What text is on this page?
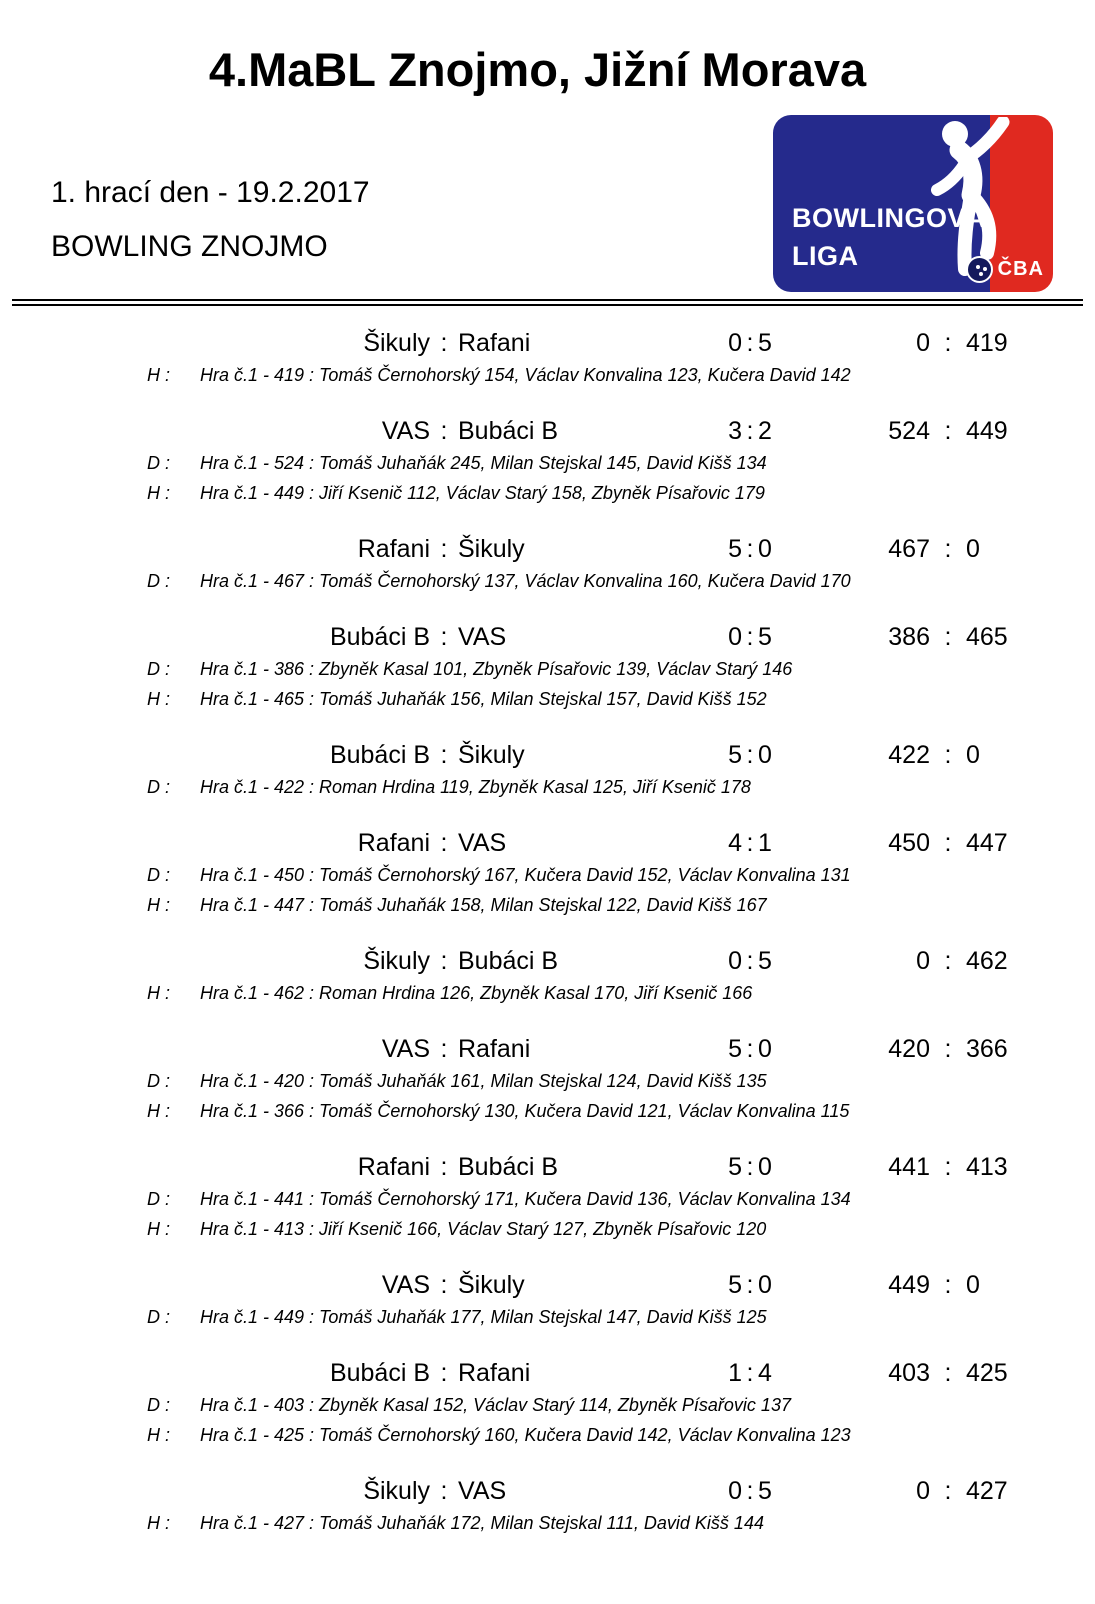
4.MaBL Znojmo, Jižní Morava
1. hrací den - 19.2.2017
BOWLING ZNOJMO
BOWLINGOVÁ
LIGA	ČBA
Šikuly : Rafani	0 : 5	0 : 419
H : Hra č.1 - 419 : Tomáš Černohorský 154, Václav Konvalina 123, Kučera David 142
VAS : Bubáci B	3 : 2	524 : 449
D : Hra č.1 - 524 : Tomáš Juhaňák 245, Milan Stejskal 145, David Kišš 134
H : Hra č.1 - 449 : Jiří Ksenič 112, Václav Starý 158, Zbyněk Písařovic 179
Rafani : Šikuly	5 : 0	467 : 0
D : Hra č.1 - 467 : Tomáš Černohorský 137, Václav Konvalina 160, Kučera David 170
Bubáci B : VAS	0 : 5	386 : 465
D : Hra č.1 - 386 : Zbyněk Kasal 101, Zbyněk Písařovic 139, Václav Starý 146
H : Hra č.1 - 465 : Tomáš Juhaňák 156, Milan Stejskal 157, David Kišš 152
Bubáci B : Šikuly	5 : 0	422 : 0
D : Hra č.1 - 422 : Roman Hrdina 119, Zbyněk Kasal 125, Jiří Ksenič 178
Rafani : VAS	4 : 1	450 : 447
D : Hra č.1 - 450 : Tomáš Černohorský 167, Kučera David 152, Václav Konvalina 131
H : Hra č.1 - 447 : Tomáš Juhaňák 158, Milan Stejskal 122, David Kišš 167
Šikuly : Bubáci B	0 : 5	0 : 462
H : Hra č.1 - 462 : Roman Hrdina 126, Zbyněk Kasal 170, Jiří Ksenič 166
VAS : Rafani	5 : 0	420 : 366
D : Hra č.1 - 420 : Tomáš Juhaňák 161, Milan Stejskal 124, David Kišš 135
H : Hra č.1 - 366 : Tomáš Černohorský 130, Kučera David 121, Václav Konvalina 115
Rafani : Bubáci B	5 : 0	441 : 413
D : Hra č.1 - 441 : Tomáš Černohorský 171, Kučera David 136, Václav Konvalina 134
H : Hra č.1 - 413 : Jiří Ksenič 166, Václav Starý 127, Zbyněk Písařovic 120
VAS : Šikuly	5 : 0	449 : 0
D : Hra č.1 - 449 : Tomáš Juhaňák 177, Milan Stejskal 147, David Kišš 125
Bubáci B : Rafani	1 : 4	403 : 425
D : Hra č.1 - 403 : Zbyněk Kasal 152, Václav Starý 114, Zbyněk Písařovic 137
H : Hra č.1 - 425 : Tomáš Černohorský 160, Kučera David 142, Václav Konvalina 123
Šikuly : VAS	0 : 5	0 : 427
H : Hra č.1 - 427 : Tomáš Juhaňák 172, Milan Stejskal 111, David Kišš 144
